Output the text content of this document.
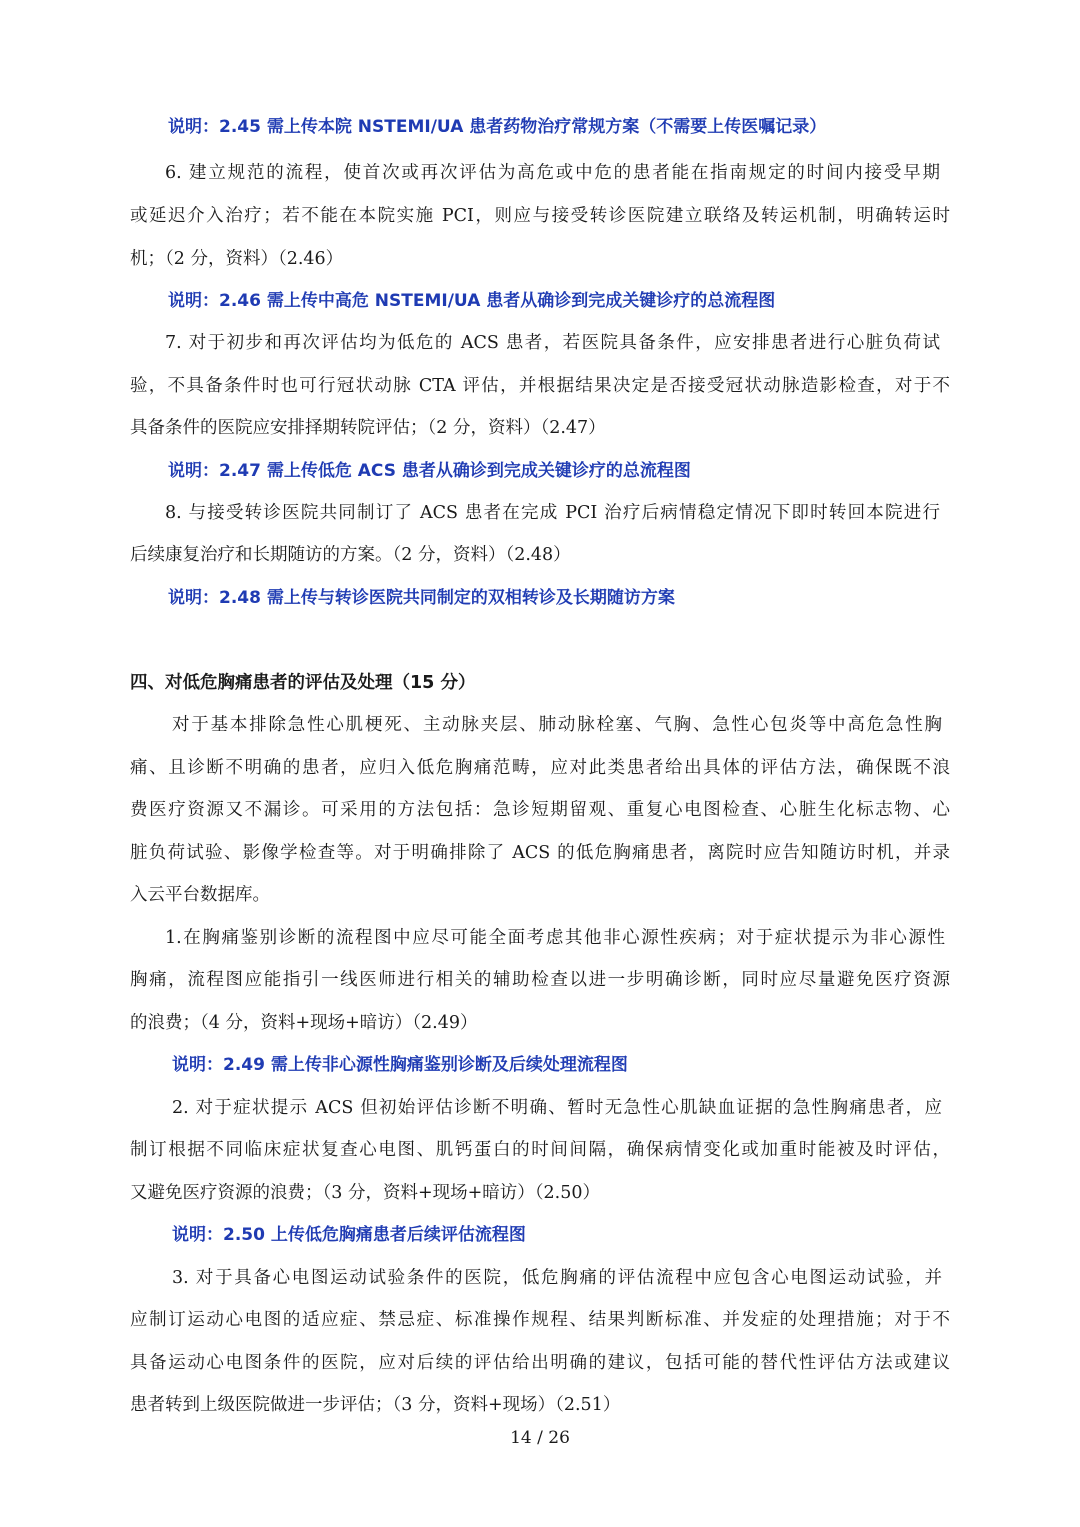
说明：2.45 需上传本院 NSTEMI/UA 患者药物治疗常规方案（不需要上传医嘱记录）
6. 建立规范的流程，使首次或再次评估为高危或中危的患者能在指南规定的时间内接受早期
或延迟介入治疗；若不能在本院实施 PCI，则应与接受转诊医院建立联络及转运机制，明确转运时
机；（2 分，资料）（2.46）
说明：2.46 需上传中高危 NSTEMI/UA 患者从确诊到完成关键诊疗的总流程图
7. 对于初步和再次评估均为低危的 ACS 患者，若医院具备条件，应安排患者进行心脏负荷试
验，不具备条件时也可行冠状动脉 CTA 评估，并根据结果决定是否接受冠状动脉造影检查，对于不
具备条件的医院应安排择期转院评估；（2 分，资料）（2.47）
说明：2.47 需上传低危 ACS 患者从确诊到完成关键诊疗的总流程图
8. 与接受转诊医院共同制订了 ACS 患者在完成 PCI 治疗后病情稳定情况下即时转回本院进行
后续康复治疗和长期随访的方案。（2 分，资料）（2.48）
说明：2.48 需上传与转诊医院共同制定的双相转诊及长期随访方案
四、对低危胸痛患者的评估及处理（15 分）
对于基本排除急性心肌梗死、主动脉夹层、肺动脉栓塞、气胸、急性心包炎等中高危急性胸
痛、且诊断不明确的患者，应归入低危胸痛范畴，应对此类患者给出具体的评估方法，确保既不浪
费医疗资源又不漏诊。可采用的方法包括：急诊短期留观、重复心电图检查、心脏生化标志物、心
脏负荷试验、影像学检查等。对于明确排除了 ACS 的低危胸痛患者，离院时应告知随访时机，并录
入云平台数据库。
1.在胸痛鉴别诊断的流程图中应尽可能全面考虑其他非心源性疾病；对于症状提示为非心源性
胸痛，流程图应能指引一线医师进行相关的辅助检查以进一步明确诊断，同时应尽量避免医疗资源
的浪费；（4 分，资料+现场+暗访）（2.49）
说明：2.49 需上传非心源性胸痛鉴别诊断及后续处理流程图
2. 对于症状提示 ACS 但初始评估诊断不明确、暂时无急性心肌缺血证据的急性胸痛患者，应
制订根据不同临床症状复查心电图、肌钙蛋白的时间间隔，确保病情变化或加重时能被及时评估，
又避免医疗资源的浪费；（3 分，资料+现场+暗访）（2.50）
说明：2.50 上传低危胸痛患者后续评估流程图
3. 对于具备心电图运动试验条件的医院，低危胸痛的评估流程中应包含心电图运动试验，并
应制订运动心电图的适应症、禁忌症、标准操作规程、结果判断标准、并发症的处理措施；对于不
具备运动心电图条件的医院，应对后续的评估给出明确的建议，包括可能的替代性评估方法或建议
患者转到上级医院做进一步评估；（3 分，资料+现场）（2.51）
14 / 26
